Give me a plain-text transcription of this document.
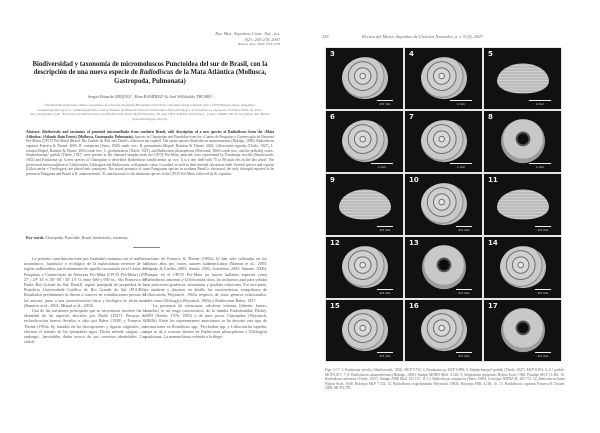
Rev. Mus. Argentino Cienc. Nat., n.s.
9(2): 205-230, 2007
Buenos Aires, ISSN 1514-5158
Biodiversidad y taxonomía de micromoluscos Punctoidea del sur de Brasil, con la descripción de una nueva especie de Radiodiscus de la Mata Atlántica (Mollusca, Gastropoda, Pulmonata)
Sergio Eduardo MIQUEL¹, Rina RAMÍREZ² & José Willibaldo THOMÉ³
¹División Invertebrados, Museo Argentino de Ciencias Naturales Bernardino Rivadavia, Avenida Ángel Gallardo 470, (1405) Buenos Aires, Argentina. semiquel@macn.gov.ar / semiquel@yahoo.com.ar ²Museo de Historia Natural, Universidad Nacional Mayor de San Marcos, Apartado 14-0434, Lima-14, Perú. rina_rm@yahoo.com. ³Escritório de Malacologia e de Biofilosofia, Praça Dom Feliciano, 39, sala 1303, Edifício Guanabara - Centro, 90020-160, Porto Alegre, RS, Brasil. josewthome@pq.cnpq.br
Abstract: Biodiversity and taxonomy of punctoid micromollusks from southern Brazil, with description of a new species of Radiodiscus from the «Mata Atlântica» (Atlantic Rain Forest) (Mollusca, Gastropoda, Pulmonata). Species in Charopidae and Punctidae from the «Centro de Pesquisas e Conservação da Natureza Pró-Mata» (CPCN Pró-Mata) (Brazil, Rio Grande do Sul) and Thiele's collection are studied. The native species Radiodiscus amancaezensis (Hidalgo, 1869), Radiodiscus cuprinus Fonseca & Thomé, 2000, R. compactus (Suter, 1900) comb. nov., R. promatensis Miquel, Ramírez & Thomé, 2004, Lilloiconcha superba (Thiele, 1927), L. tucuma Miquel, Ramírez & Thomé, 2004 comb. nov., L. gordurasensis (Thiele, 1927), and Radioconus pleurophorus (Moricand, 1846) comb. nov., and the probably exotic, Stephacharopa? goeldii (Thiele, 1927) were present in the charopid samples from the CPCN Pró-Mata; punctids were represented by Paralaoma servilis (Shuttleworth, 1852) and Paralaoma sp. A new species of Charopidae is described: Radiodiscus sanchicoensis sp. nov. It is a tiny shell with 75 to 80 axial ribs in the last whorl. The protoconch microsculpture of Lilloiconcha, Zilchogyra and Radioconus, with generic value, is studied, as well as their internal calcareous teeth. Several species and a genus (Lilloiconcha = Trochogyra) are placed into synonymy. The actual presence of some Patagonian species in southern Brazil is discussed; the only charopid reported to be present in Patagonia and Brazil is R. amancaezensis. R. sanchicoensis is the dominant species in the CPCN Pró-Mata, followed by R. cuprinus.
Key words: Charopidae, Punctidae, Brazil, biodiversity, taxonomy.

La presente contribución tiene por finalidad continuar con el análisis taxonómico, faunístico y ecológico de la malacofauna terrestre de la región sudbrasilera, particularmente de aquella encontrada en el Centro de Pesquisas e Conservação da Natureza Pró-Mata (CPCN Pró-Mata) (29º 27' / 29º 35' S, 50º 08' / 50º 15' O, entre 600 y 950 m.; São Francisco de Paula, Rio Grande do Sul, Brasil), región protegida de propiedad de la Pontifícia Universidade Católica do Rio Grande do Sul (PUCRS). Resultados preliminares se dieron a conocer en contribuciones previas de los autores, junto a una caracterización física y biológica de dicha área (Ramírez et al., 2003; Miquel et al., 2004).

Una de las cuestiones principales que se necesitaron resolver fue la identidad de las especies descritas por Thiele (1927). Ensayos de reclasificación fueron llevados a cabo por Baker (1928) y Fonseca & Thomé (1993a, b), basados en las descripciones y figuras originales, sin efectuar el estudio de los ejemplares tipos. Dicho método origina –sin embargo– inevitables dudas acerca de sus correctas identidades. Las clasifi-

caciones de Fonseca & Thomé (1993a, b) han sido utilizadas en los últimos años por varios autores sudamericanos (Mansur et al., 2003; Salgado & Coelho, 2003; Santos, 2002; Scarabino, 2003; Simone, 2006). Aunque en el CPCN Pró-Mata no fueron halladas especies como Radiodiscus amoenus y Lilloiconcha clara, las incluimos aquí para señalar sus posiciones genéricas, sinonimias y posibles relaciones. Por otra parte, se analizan y discuten en detalle las características conquiliares de Lilloiconcha Weyrauch, 1965a respecto de otros géneros relacionados, tales como Zilchogyra Weyrauch, 1965a y Radioconus Baker, 1927.

La presencia de estructuras calcáreas internas (dientes, barras, lamelas) es un rasgo característico de la familia Endodontidae Pilsbry, 1895 (Solem, 1976, 1983) y de unos pocos Charopidae (Weyrauch, 1965b). Entre los representantes americanos se ha descrito este tipo de formaciones en Rotadiscus spp., Ptychodon spp. y Lilloiconcha superba; aquí se da a conocer dientes en Radioconus pleurophorus y Zilchogyra paulistana. La nomenclatura referida a la dispo-

218	Revista del Museo Argentino de Ciencias Naturales, n. s. 9 (2), 2007
3
0,5 mm
4
1 mm
5
1 mm
6
1 mm
7
1 mm
8
1 mm
9
0,5 mm
10
0,5 mm
11
0,5 mm
12
0,5 mm
13
0,5 mm
14
0,5 mm
15
0,5 mm
16
0,5 mm
17
0,5 mm
Figs. 3-17. 3, Paralaoma servilis (Shuttleworth, 1852). MCP 8.732; 4, Paralaoma sp. MCP 6.898; 5, Stephacharopa? goeldii (Thiele, 1927). MCP 8.812; 6, S.? goeldii. MCP 8.817; 7, 8, Radiodiscus amancaezensis (Hidalgo, 1869). Sintipo MNHN Moll. 5.140; 9, Stephanoda jujuyensis Hylton Scott, 1948. Paratipo MLP 11.481; 10, Radiodiscus amoenus (Thiele, 1927). Sintipo ZMB Moll. 103.117; 11-13, Radiodiscus compactus (Suter, 1900). Lectotipo NMNZ M. 205.772; 14, Radiodiscus lutiae Hylton Scott, 1948. Holotipo MLP 7.532; 15, Radiodiscus crigodiminuto Weyrauch, 1965b. Holotipo FML 4.146; 16, 17, Radiodiscus cuprinus Fonseca & Thomé, 2000. MCP 6.785.
